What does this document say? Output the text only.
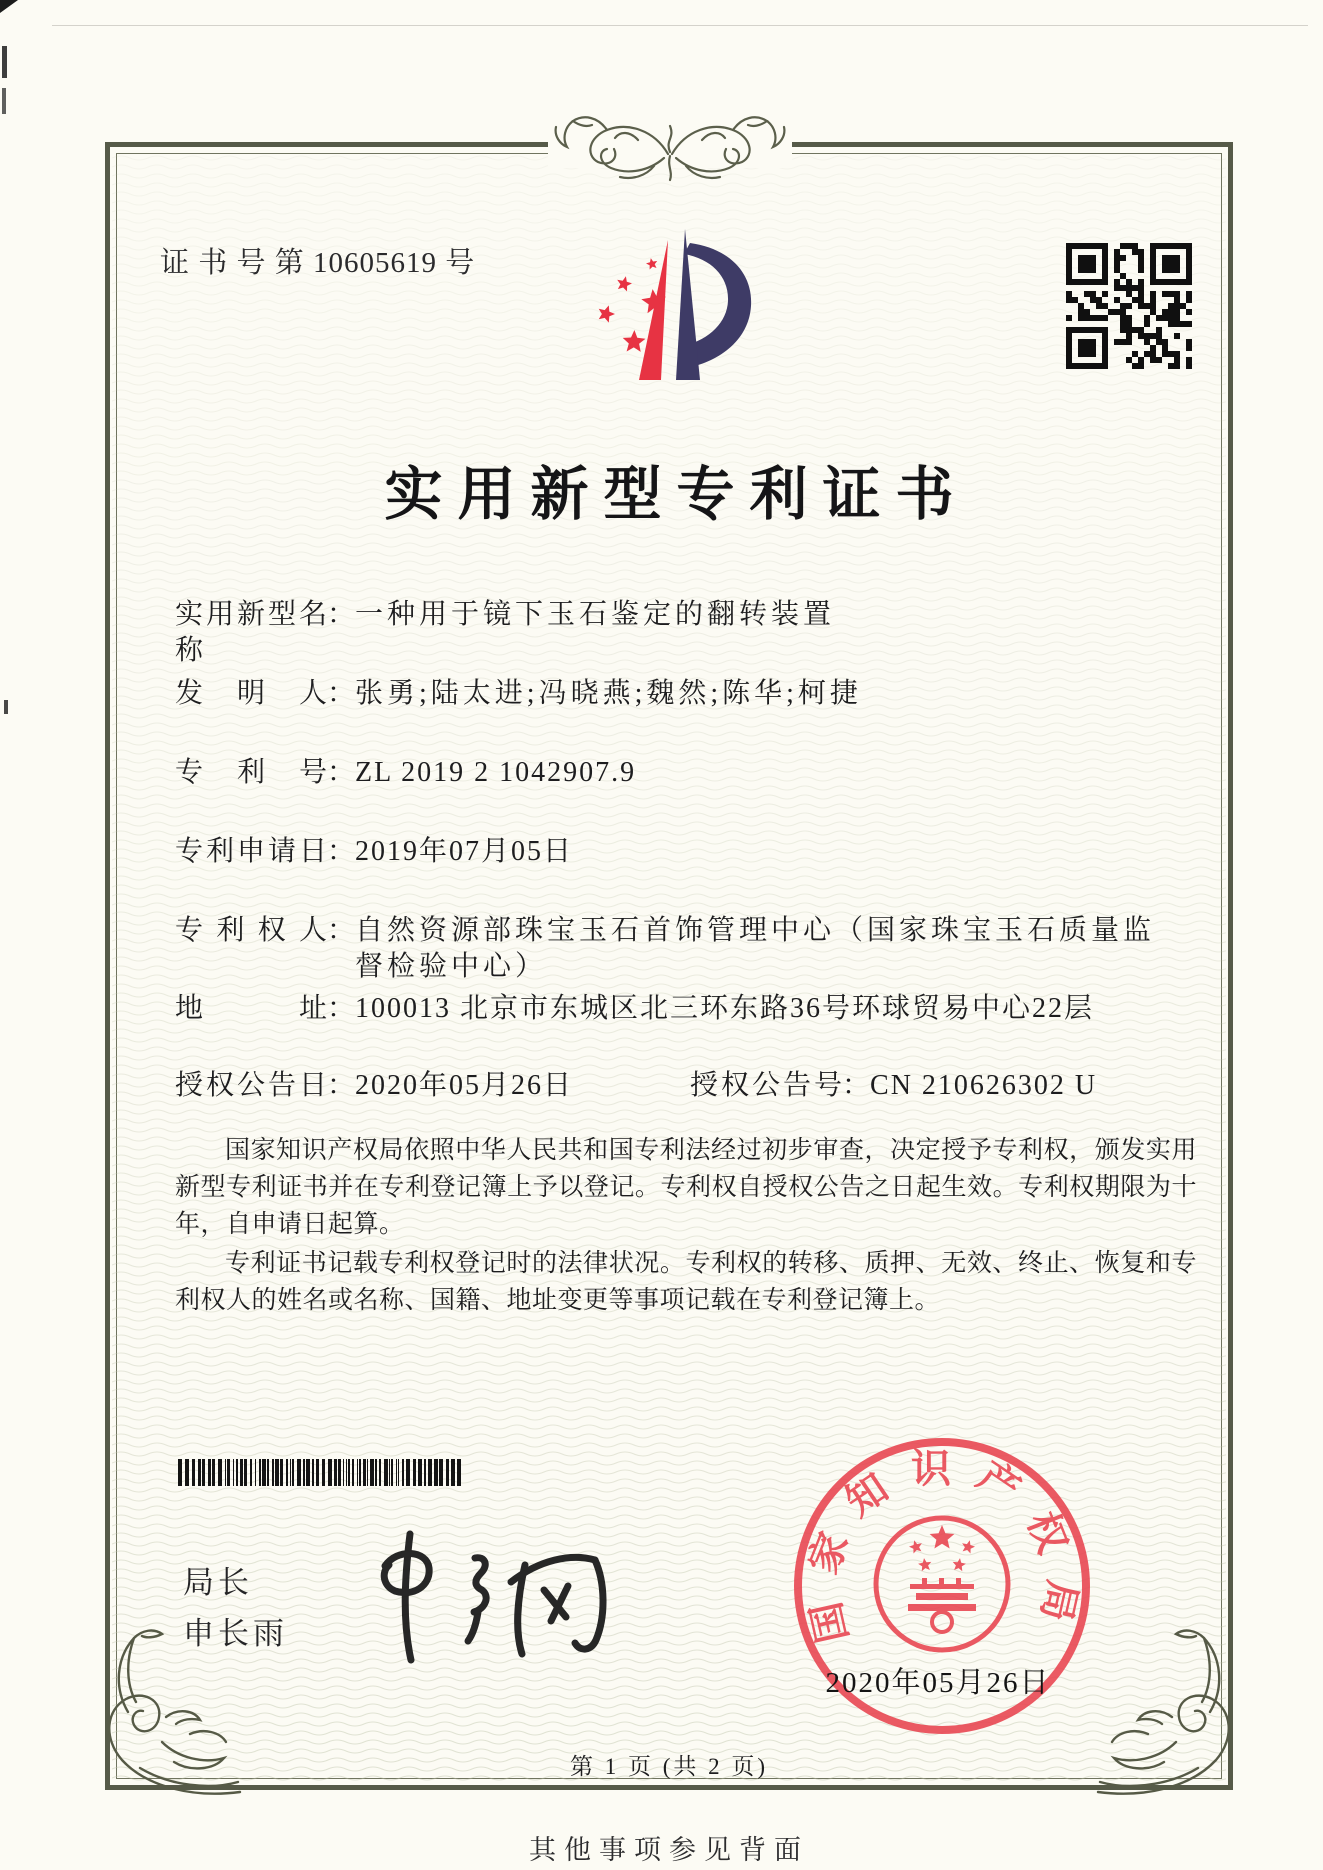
证 书 号 第 10605619 号
实用新型专利证书
实用新型名称：一种用于镜下玉石鉴定的翻转装置
发明人：张勇;陆太进;冯晓燕;魏然;陈华;柯捷
专利号：ZL 2019 2 1042907.9
专利申请日：2019年07月05日
专利权人：自然资源部珠宝玉石首饰管理中心（国家珠宝玉石质量监督检验中心）
地址：100013 北京市东城区北三环东路36号环球贸易中心22层
授权公告日：2020年05月26日	授权公告号：CN 210626302 U

国家知识产权局依照中华人民共和国专利法经过初步审查，决定授予专利权，颁发实用新型专利证书并在专利登记簿上予以登记。专利权自授权公告之日起生效。专利权期限为十年，自申请日起算。

专利证书记载专利权登记时的法律状况。专利权的转移、质押、无效、终止、恢复和专利权人的姓名或名称、国籍、地址变更等事项记载在专利登记簿上。

局长
申长雨	国家知识产权局
2020年05月26日
第 1 页 (共 2 页)
其他事项参见背面
